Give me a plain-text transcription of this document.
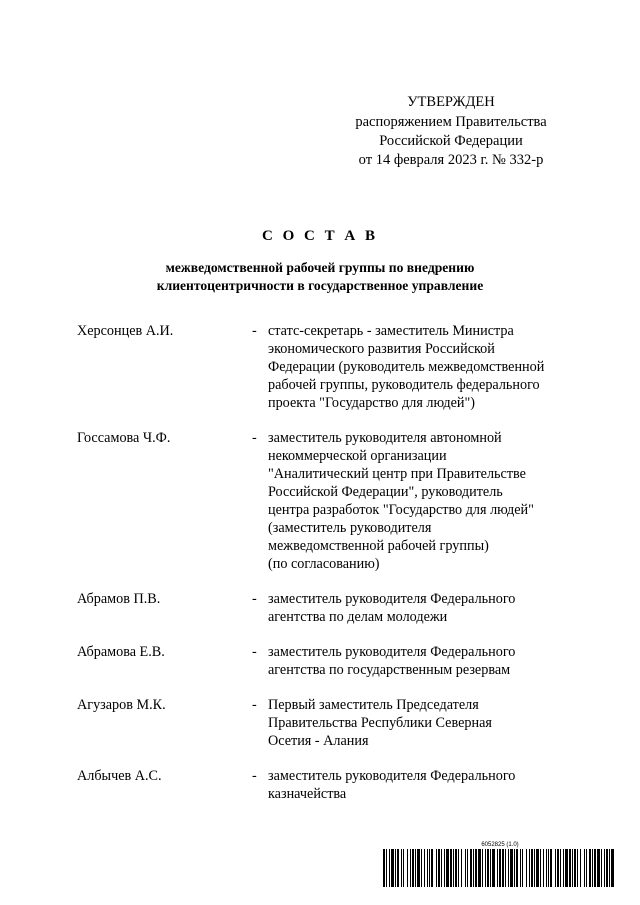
УТВЕРЖДЕН
распоряжением Правительства
Российской Федерации
от 14 февраля 2023 г. № 332-р
С О С Т А В
межведомственной рабочей группы по внедрению
клиентоцентричности в государственное управление
Херсонцев А.И.	- статс-секретарь - заместитель Министра
экономического развития Российской
Федерации (руководитель межведомственной
рабочей группы, руководитель федерального
проекта "Государство для людей")
Госсамова Ч.Ф.	- заместитель руководителя автономной
некоммерческой организации
"Аналитический центр при Правительстве
Российской Федерации", руководитель
центра разработок "Государство для людей"
(заместитель руководителя
межведомственной рабочей группы)
(по согласованию)
Абрамов П.В.	- заместитель руководителя Федерального
агентства по делам молодежи
Абрамова Е.В.	- заместитель руководителя Федерального
агентства по государственным резервам
Агузаров М.К.	- Первый заместитель Председателя
Правительства Республики Северная
Осетия - Алания
Албычев А.С.	- заместитель руководителя Федерального
казначейства
6052825 (1.0)
